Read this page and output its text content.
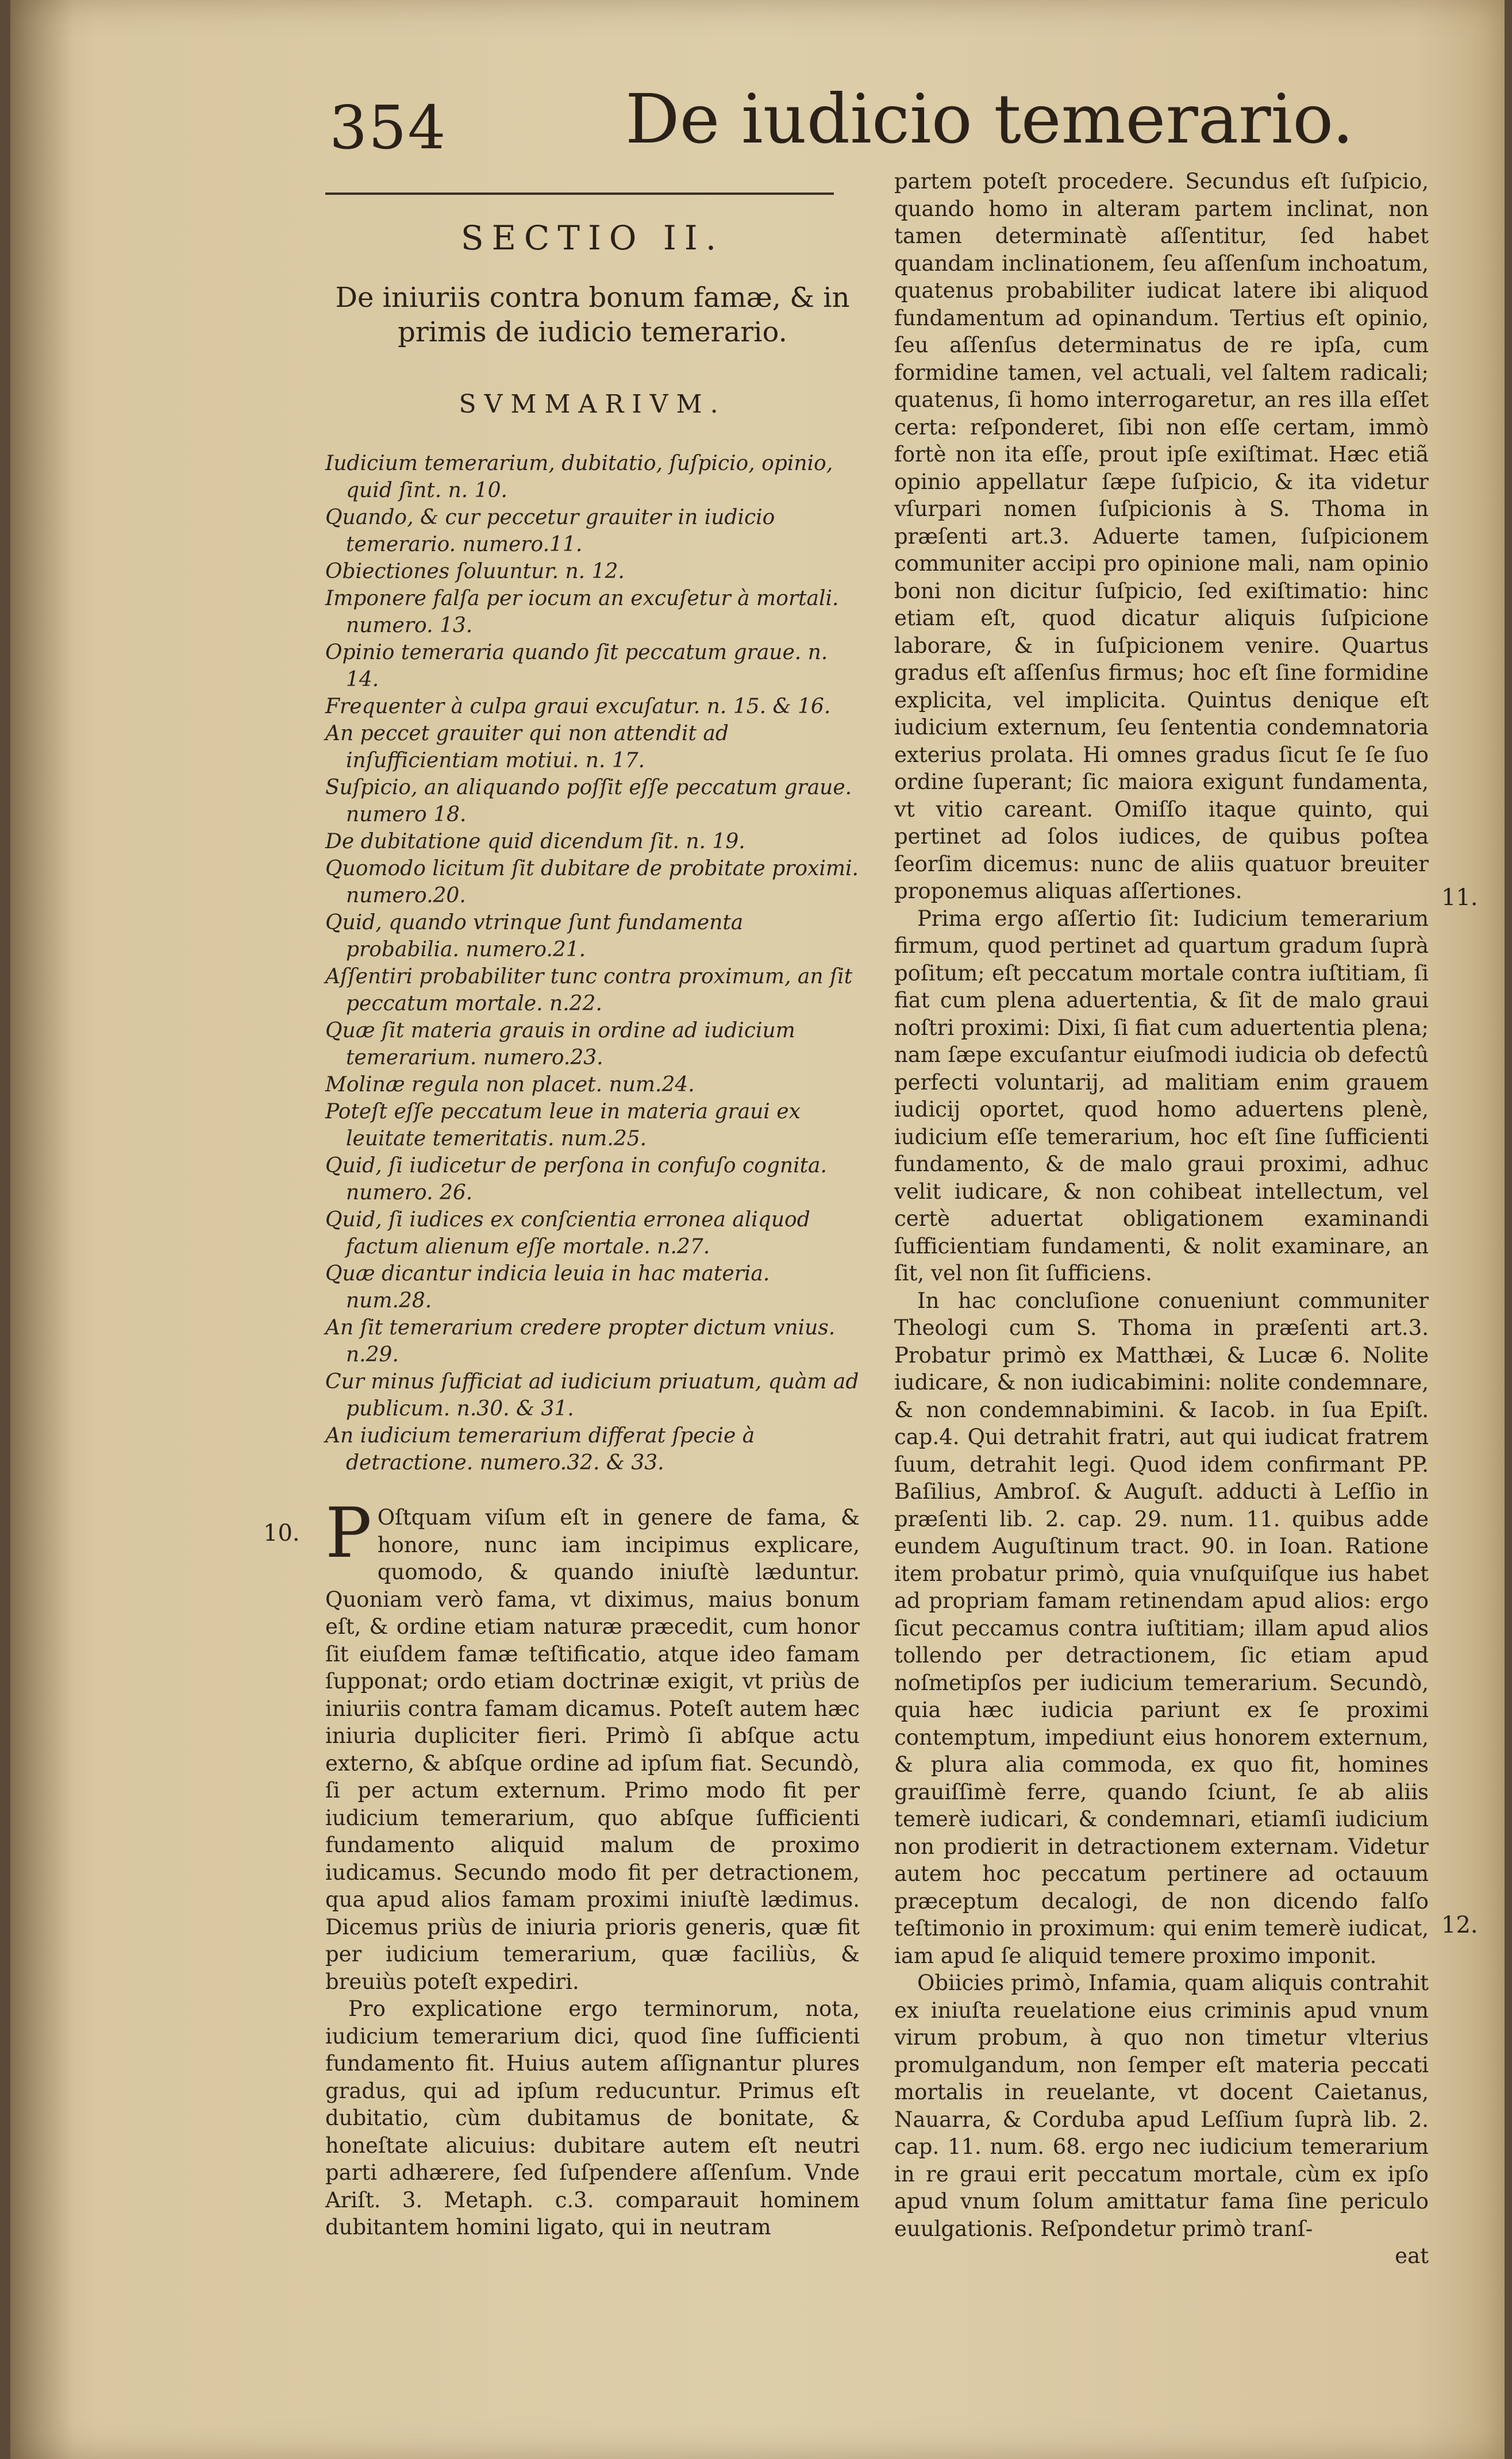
354	De iudicio temerario.
SECTIO II.
De iniuriis contra bonum famæ, & in primis de iudicio temerario.
SVMMARIVM.
Iudicium temerarium, dubitatio, ſuſpicio, opinio, quid ſint. n. 10.
Quando, & cur peccetur grauiter in iudicio temerario. numero.11.
Obiectiones ſoluuntur. n. 12.
Imponere falſa per iocum an excuſetur à mortali. numero. 13.
Opinio temeraria quando ſit peccatum graue. n. 14.
Frequenter à culpa graui excuſatur. n. 15. & 16.
An peccet grauiter qui non attendit ad inſufficientiam motiui. n. 17.
Suſpicio, an aliquando poſſit eſſe peccatum graue. numero 18.
De dubitatione quid dicendum ſit. n. 19.
Quomodo licitum ſit dubitare de probitate proximi. numero.20.
Quid, quando vtrinque ſunt fundamenta probabilia. numero.21.
Aſſentiri probabiliter tunc contra proximum, an ſit peccatum mortale. n.22.
Quæ ſit materia grauis in ordine ad iudicium temerarium. numero.23.
Molinæ regula non placet. num.24.
Poteſt eſſe peccatum leue in materia graui ex leuitate temeritatis. num.25.
Quid, ſi iudicetur de perſona in confuſo cognita. numero. 26.
Quid, ſi iudices ex conſcientia erronea aliquod factum alienum eſſe mortale. n.27.
Quæ dicantur indicia leuia in hac materia. num.28.
An ſit temerarium credere propter dictum vnius. n.29.
Cur minus ſufficiat ad iudicium priuatum, quàm ad publicum. n.30. & 31.
An iudicium temerarium differat ſpecie à detractione. numero.32. & 33.

P Oſtquam viſum eſt in genere de fama, & honore, nunc iam incipimus explicare, quomodo, & quando iniuſtè læduntur. Quoniam verò fama, vt diximus, maius bonum eſt, & ordine etiam naturæ præcedit, cum honor ſit eiuſdem famæ teſtificatio, atque ideo famam ſupponat; ordo etiam doctrinæ exigit, vt priùs de iniuriis contra famam dicamus. Poteſt autem hæc iniuria dupliciter fieri. Primò ſi abſque actu externo, & abſque ordine ad ipſum fiat. Secundò, ſi per actum externum. Primo modo fit per iudicium temerarium, quo abſque ſufficienti fundamento aliquid malum de proximo iudicamus. Secundo modo fit per detractionem, qua apud alios famam proximi iniuſtè lædimus. Dicemus priùs de iniuria prioris generis, quæ fit per iudicium temerarium, quæ faciliùs, & breuiùs poteſt expediri.

Pro explicatione ergo terminorum, nota, iudicium temerarium dici, quod ſine ſufficienti fundamento fit. Huius autem aſſignantur plures gradus, qui ad ipſum reducuntur. Primus eſt dubitatio, cùm dubitamus de bonitate, & honeſtate alicuius: dubitare autem eſt neutri parti adhærere, ſed ſuſpendere aſſenſum. Vnde Ariſt. 3. Metaph. c.3. comparauit hominem dubitantem homini ligato, qui in neutram

10.

partem poteſt procedere. Secundus eſt ſuſpicio, quando homo in alteram partem inclinat, non tamen determinatè aſſentitur, ſed habet quandam inclinationem, ſeu aſſenſum inchoatum, quatenus probabiliter iudicat latere ibi aliquod fundamentum ad opinandum. Tertius eſt opinio, ſeu aſſenſus determinatus de re ipſa, cum formidine tamen, vel actuali, vel ſaltem radicali; quatenus, ſi homo interrogaretur, an res illa eſſet certa: reſponderet, ſibi non eſſe certam, immò fortè non ita eſſe, prout ipſe exiſtimat. Hæc etiã opinio appellatur ſæpe ſuſpicio, & ita videtur vſurpari nomen ſuſpicionis à S. Thoma in præſenti art.3. Aduerte tamen, ſuſpicionem communiter accipi pro opinione mali, nam opinio boni non dicitur ſuſpicio, ſed exiſtimatio: hinc etiam eſt, quod dicatur aliquis ſuſpicione laborare, & in ſuſpicionem venire. Quartus gradus eſt aſſenſus firmus; hoc eſt ſine formidine explicita, vel implicita. Quintus denique eſt iudicium externum, ſeu ſententia condemnatoria exterius prolata. Hi omnes gradus ſicut ſe ſe ſuo ordine ſuperant; ſic maiora exigunt fundamenta, vt vitio careant. Omiſſo itaque quinto, qui pertinet ad ſolos iudices, de quibus poſtea ſeorſim dicemus: nunc de aliis quatuor breuiter proponemus aliquas aſſertiones.

Prima ergo aſſertio ſit: Iudicium temerarium firmum, quod pertinet ad quartum gradum ſuprà poſitum; eſt peccatum mortale contra iuſtitiam, ſi fiat cum plena aduertentia, & ſit de malo graui noſtri proximi: Dixi, ſi fiat cum aduertentia plena; nam ſæpe excuſantur eiuſmodi iudicia ob defectû perfecti voluntarij, ad malitiam enim grauem iudicij oportet, quod homo aduertens plenè, iudicium eſſe temerarium, hoc eſt ſine ſufficienti fundamento, & de malo graui proximi, adhuc velit iudicare, & non cohibeat intellectum, vel certè aduertat obligationem examinandi ſufficientiam fundamenti, & nolit examinare, an ſit, vel non ſit ſufficiens.

In hac concluſione conueniunt communiter Theologi cum S. Thoma in præſenti art.3. Probatur primò ex Matthæi, & Lucæ 6. Nolite iudicare, & non iudicabimini: nolite condemnare, & non condemnabimini. & Iacob. in ſua Epiſt. cap.4. Qui detrahit fratri, aut qui iudicat fratrem ſuum, detrahit legi. Quod idem confirmant PP. Baſilius, Ambroſ. & Auguſt. adducti à Leſſio in præſenti lib. 2. cap. 29. num. 11. quibus adde eundem Auguſtinum tract. 90. in Ioan. Ratione item probatur primò, quia vnuſquiſque ius habet ad propriam famam retinendam apud alios: ergo ſicut peccamus contra iuſtitiam; illam apud alios tollendo per detractionem, ſic etiam apud noſmetipſos per iudicium temerarium. Secundò, quia hæc iudicia pariunt ex ſe proximi contemptum, impediunt eius honorem externum, & plura alia commoda, ex quo fit, homines grauiſſimè ferre, quando ſciunt, ſe ab aliis temerè iudicari, & condemnari, etiamſi iudicium non prodierit in detractionem externam. Videtur autem hoc peccatum pertinere ad octauum præceptum decalogi, de non dicendo falſo teſtimonio in proximum: qui enim temerè iudicat, iam apud ſe aliquid temere proximo imponit.

Obiicies primò, Infamia, quam aliquis contrahit ex iniuſta reuelatione eius criminis apud vnum virum probum, à quo non timetur vlterius promulgandum, non ſemper eſt materia peccati mortalis in reuelante, vt docent Caietanus, Nauarra, & Corduba apud Leſſium ſuprà lib. 2. cap. 11. num. 68. ergo nec iudicium temerarium in re graui erit peccatum mortale, cùm ex ipſo apud vnum ſolum amittatur fama ſine periculo euulgationis. Reſpondetur primò tranſ-

eat
11.
12.
